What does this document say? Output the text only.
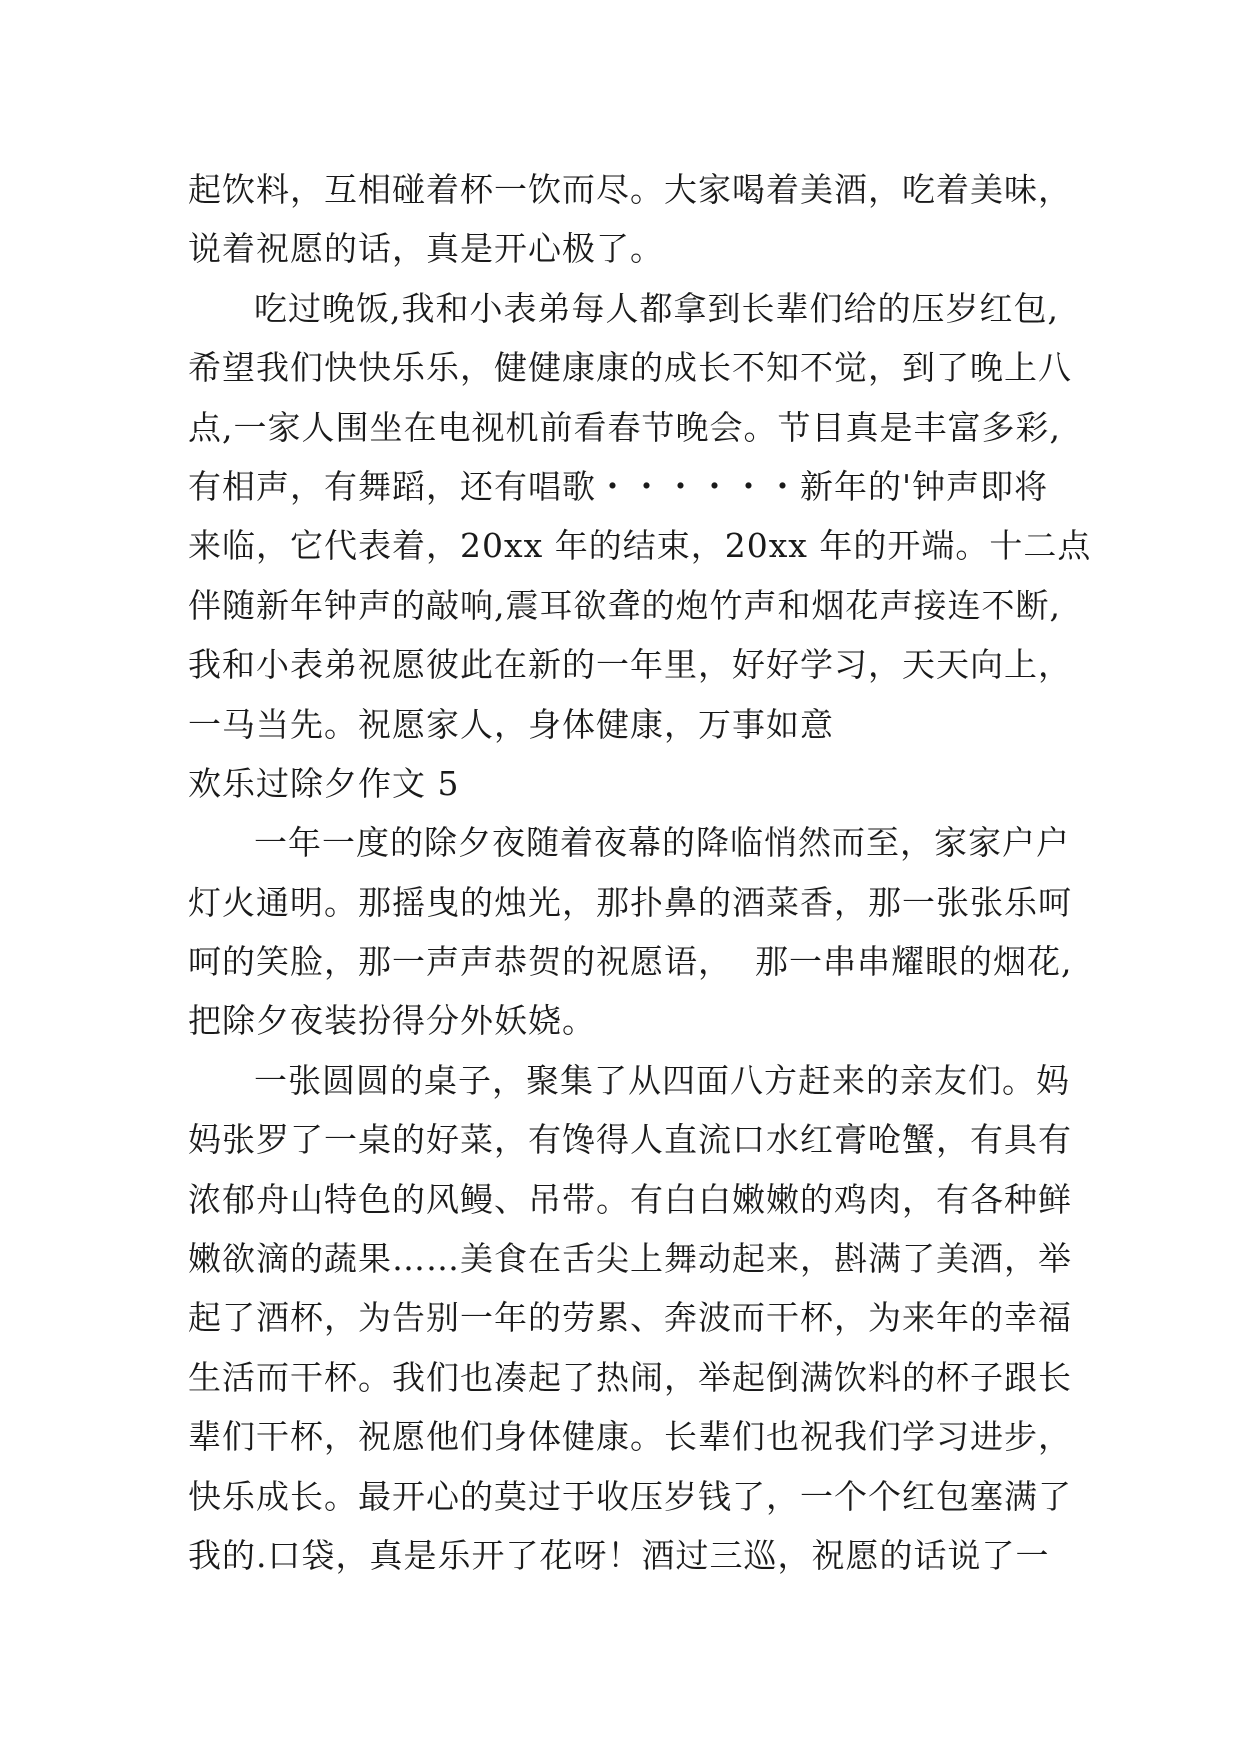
起饮料，互相碰着杯一饮而尽。大家喝着美酒，吃着美味，
说着祝愿的话，真是开心极了。
吃过晚饭,我和小表弟每人都拿到长辈们给的压岁红包,
希望我们快快乐乐，健健康康的成长不知不觉，到了晚上八
点,一家人围坐在电视机前看春节晚会。节目真是丰富多彩,
有相声，有舞蹈，还有唱歌・・・・・・新年的'钟声即将
来临，它代表着，20xx 年的结束，20xx 年的开端。十二点
伴随新年钟声的敲响,震耳欲聋的炮竹声和烟花声接连不断,
我和小表弟祝愿彼此在新的一年里，好好学习，天天向上，
一马当先。祝愿家人，身体健康，万事如意
欢乐过除夕作文 5
一年一度的除夕夜随着夜幕的降临悄然而至，家家户户
灯火通明。那摇曳的烛光，那扑鼻的酒菜香，那一张张乐呵
呵的笑脸，那一声声恭贺的祝愿语，  那一串串耀眼的烟花,
把除夕夜装扮得分外妖娆。
一张圆圆的桌子，聚集了从四面八方赶来的亲友们。妈
妈张罗了一桌的好菜，有馋得人直流口水红膏呛蟹，有具有
浓郁舟山特色的风鳗、吊带。有白白嫩嫩的鸡肉，有各种鲜
嫩欲滴的蔬果……美食在舌尖上舞动起来，斟满了美酒，举
起了酒杯，为告别一年的劳累、奔波而干杯，为来年的幸福
生活而干杯。我们也凑起了热闹，举起倒满饮料的杯子跟长
辈们干杯，祝愿他们身体健康。长辈们也祝我们学习进步，
快乐成长。最开心的莫过于收压岁钱了，一个个红包塞满了
我的.口袋，真是乐开了花呀！酒过三巡，祝愿的话说了一
